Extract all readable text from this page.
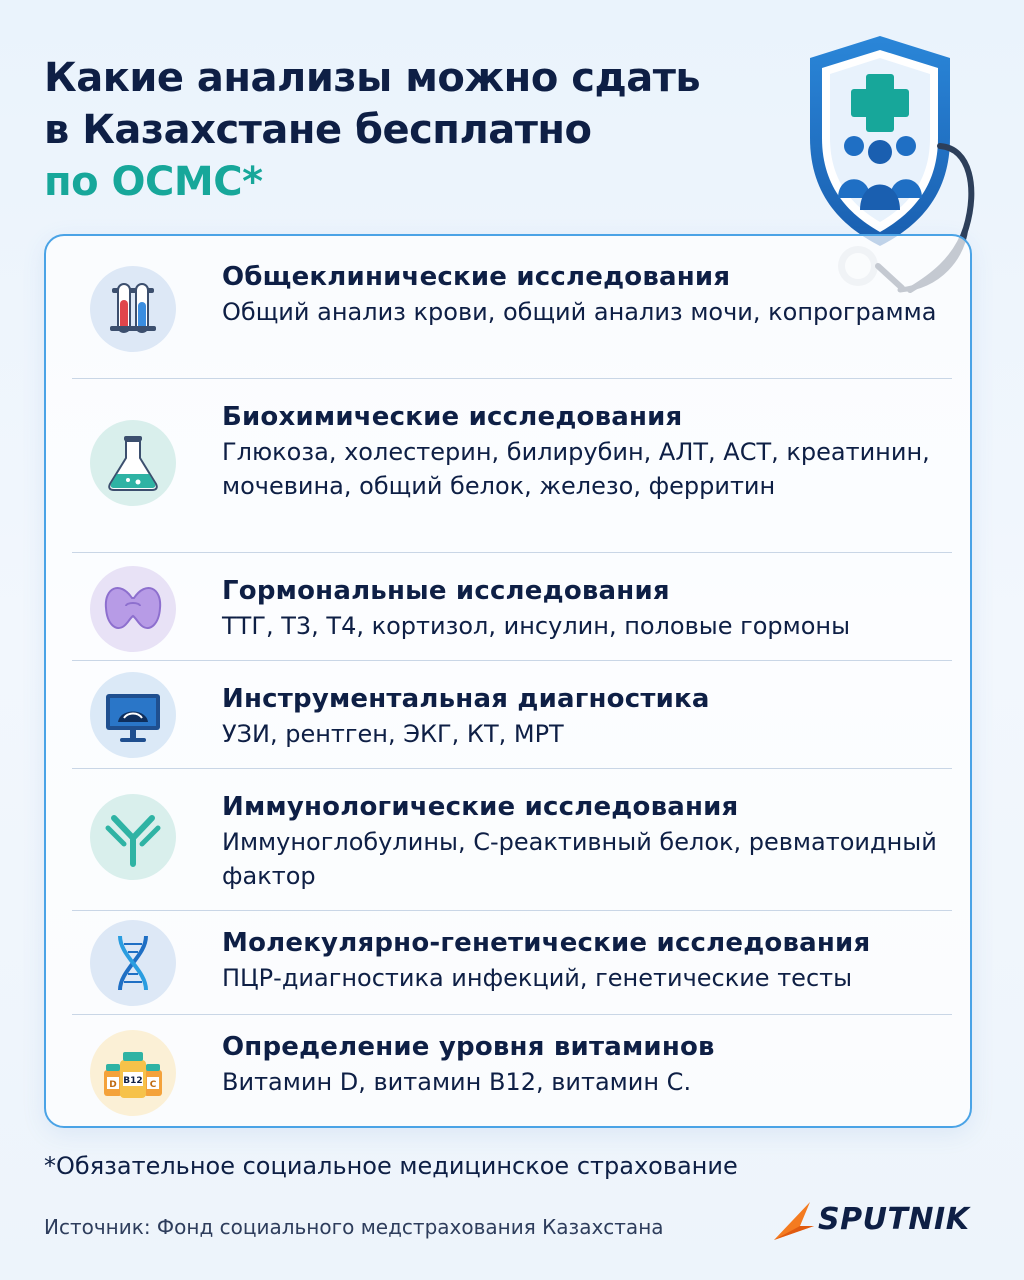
Какие анализы можно сдать
в Казахстане бесплатно
по ОСМС*
Общеклинические исследования
Общий анализ крови, общий анализ мочи, копрограмма
Биохимические исследования
Глюкоза, холестерин, билирубин, АЛТ, АСТ, креатинин, мочевина, общий белок, железо, ферритин
Гормональные исследования
ТТГ, Т3, Т4, кортизол, инсулин, половые гормоны
Инструментальная диагностика
УЗИ, рентген, ЭКГ, КТ, МРТ
Иммунологические исследования
Иммуноглобулины, С-реактивный белок, ревматоидный фактор
Молекулярно-генетические исследования
ПЦР-диагностика инфекций, генетические тесты
D B12 C
Определение уровня витаминов
Витамин D, витамин B12, витамин C.
*Обязательное социальное медицинское страхование
Источник: Фонд социального медстрахования Казахстана	SPUTNIK
